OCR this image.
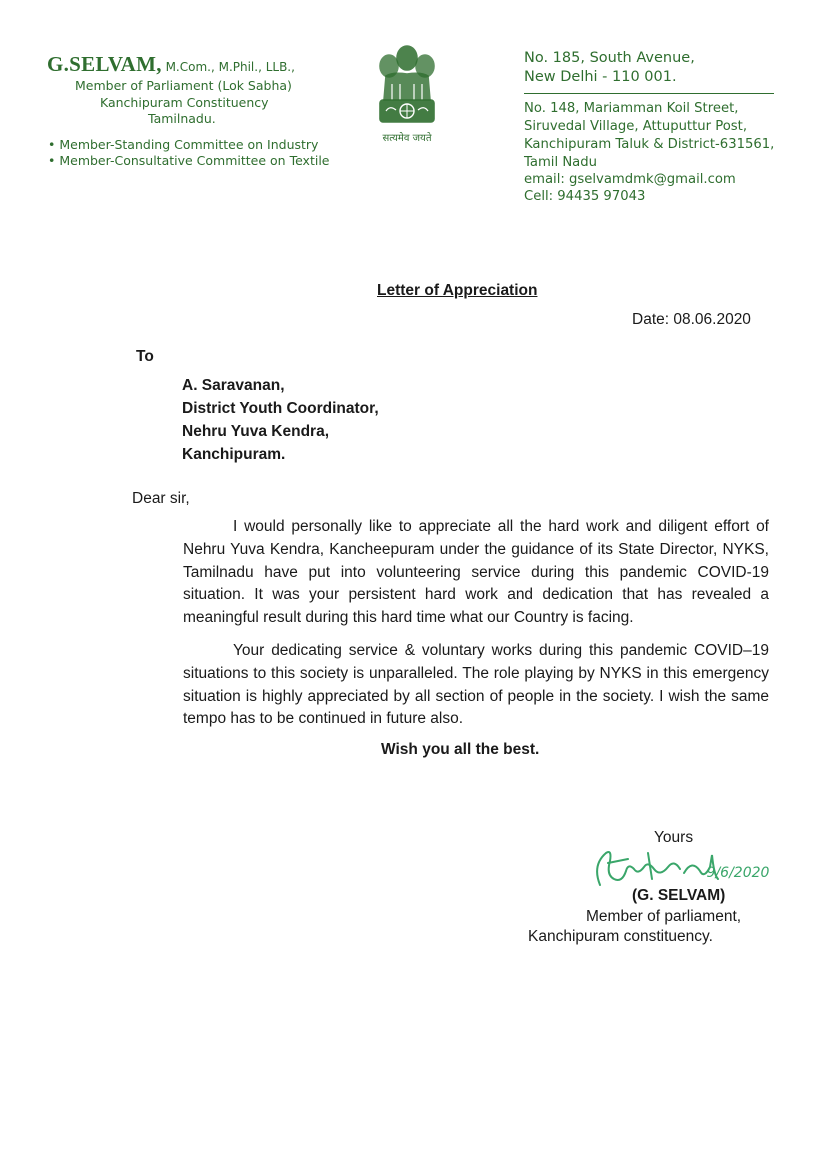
G.SELVAM, M.Com., M.Phil., LLB.,
Member of Parliament (Lok Sabha)
Kanchipuram Constituency
Tamilnadu.
• Member-Standing Committee on Industry
• Member-Consultative Committee on Textile
सत्यमेव जयते
No. 185, South Avenue,
New Delhi - 110 001.
No. 148, Mariamman Koil Street,
Siruvedal Village, Attuputtur Post,
Kanchipuram Taluk & District-631561,
Tamil Nadu
email: gselvamdmk@gmail.com
Cell: 94435 97043
Letter of Appreciation
Date: 08.06.2020
To
A. Saravanan,
District Youth Coordinator,
Nehru Yuva Kendra,
Kanchipuram.
Dear sir,
I would personally like to appreciate all the hard work and diligent effort of Nehru Yuva Kendra, Kancheepuram under the guidance of its State Director, NYKS, Tamilnadu have put into volunteering service during this pandemic COVID-19 situation. It was your persistent hard work and dedication that has revealed a meaningful result during this hard time what our Country is facing.
Your dedicating service & voluntary works during this pandemic COVID–19 situations to this society is unparalleled. The role playing by NYKS in this emergency situation is highly appreciated by all section of people in the society. I wish the same tempo has to be continued in future also.
Wish you all the best.
Yours
9/6/2020
(G. SELVAM)
Member of parliament,
Kanchipuram constituency.
